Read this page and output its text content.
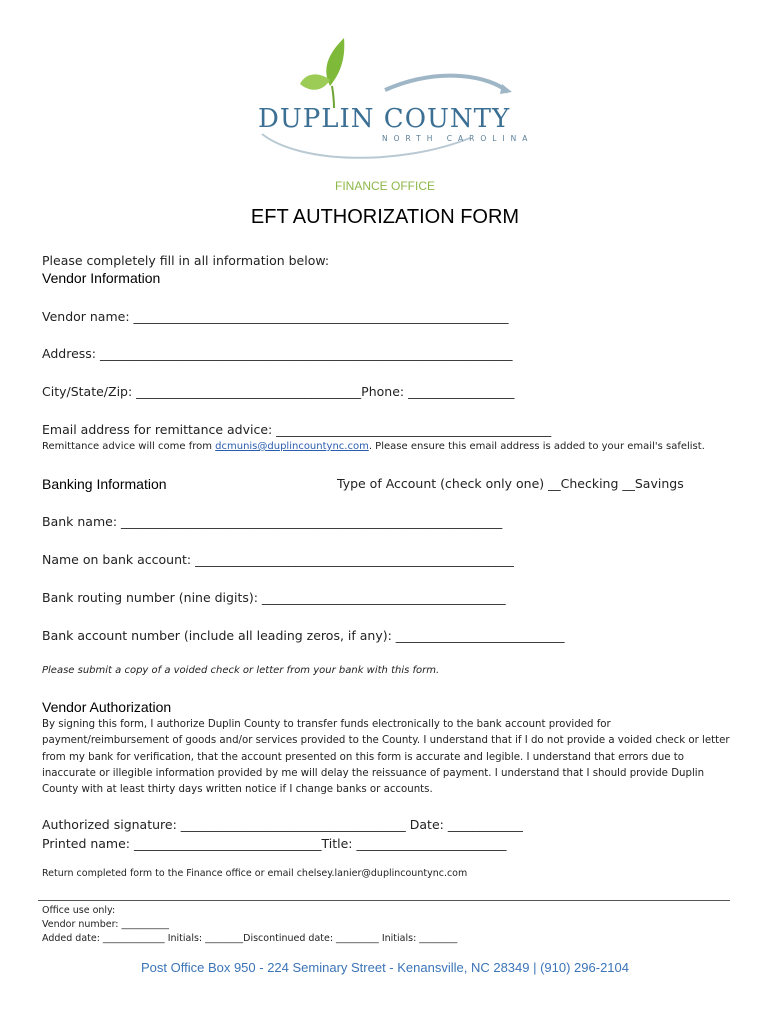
DUPLIN COUNTY
NORTH CAROLINA
FINANCE OFFICE
EFT AUTHORIZATION FORM
Please completely fill in all information below:
Vendor Information
Vendor name: ____________________________________________________________
Address: __________________________________________________________________
City/State/Zip: ____________________________________Phone: _________________
Email address for remittance advice: ____________________________________________
Remittance advice will come from dcmunis@duplincountync.com. Please ensure this email address is added to your email's safelist.
Banking Information	Type of Account (check only one) __Checking __Savings
Bank name: _____________________________________________________________
Name on bank account: ___________________________________________________
Bank routing number (nine digits): _______________________________________
Bank account number (include all leading zeros, if any): ___________________________
Please submit a copy of a voided check or letter from your bank with this form.
Vendor Authorization
By signing this form, I authorize Duplin County to transfer funds electronically to the bank account provided for payment/reimbursement of goods and/or services provided to the County. I understand that if I do not provide a voided check or letter from my bank for verification, that the account presented on this form is accurate and legible. I understand that errors due to inaccurate or illegible information provided by me will delay the reissuance of payment. I understand that I should provide Duplin County with at least thirty days written notice if I change banks or accounts.
Authorized signature: ____________________________________ Date: ____________
Printed name: ______________________________Title: ________________________
Return completed form to the Finance office or email chelsey.lanier@duplincountync.com
Office use only:
Vendor number: __________
Added date: _____________ Initials: ________Discontinued date: _________ Initials: ________
Post Office Box 950 - 224 Seminary Street - Kenansville, NC 28349 | (910) 296-2104
